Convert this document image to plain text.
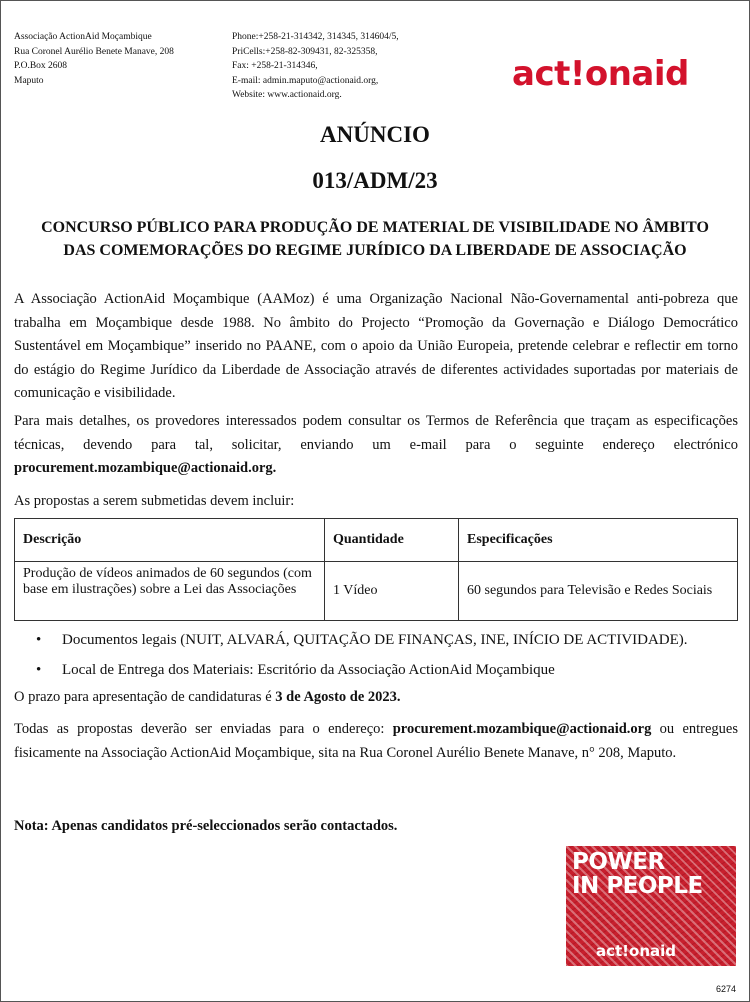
Associação ActionAid Moçambique
Rua Coronel Aurélio Benete Manave, 208
P.O.Box 2608
Maputo
Phone:+258-21-314342, 314345, 314604/5,
PriCells:+258-82-309431, 82-325358,
Fax: +258-21-314346,
E-mail: admin.maputo@actionaid.org,
Website: www.actionaid.org.
act!onaid
ANÚNCIO
013/ADM/23
CONCURSO PÚBLICO PARA PRODUÇÃO DE MATERIAL DE VISIBILIDADE NO ÂMBITO
DAS COMEMORAÇÕES DO REGIME JURÍDICO DA LIBERDADE DE ASSOCIAÇÃO
A Associação ActionAid Moçambique (AAMoz) é uma Organização Nacional Não-Governamental anti-pobreza que trabalha em Moçambique desde 1988. No âmbito do Projecto “Promoção da Governação e Diálogo Democrático Sustentável em Moçambique” inserido no PAANE, com o apoio da União Europeia, pretende celebrar e reflectir em torno do estágio do Regime Jurídico da Liberdade de Associação através de diferentes actividades suportadas por materiais de comunicação e visibilidade.
Para mais detalhes, os provedores interessados podem consultar os Termos de Referência que traçam as especificações técnicas, devendo para tal, solicitar, enviando um e-mail para o seguinte endereço electrónico procurement.mozambique@actionaid.org.
As propostas a serem submetidas devem incluir:
Descrição	Quantidade	Especificações
Produção de vídeos animados de 60 segundos (com base em ilustrações) sobre a Lei das Associações	1 Vídeo	60 segundos para Televisão e Redes Sociais
• Documentos legais (NUIT, ALVARÁ, QUITAÇÃO DE FINANÇAS, INE, INÍCIO DE ACTIVIDADE).
• Local de Entrega dos Materiais: Escritório da Associação ActionAid Moçambique
O prazo para apresentação de candidaturas é 3 de Agosto de 2023.
Todas as propostas deverão ser enviadas para o endereço: procurement.mozambique@actionaid.org ou entregues fisicamente na Associação ActionAid Moçambique, sita na Rua Coronel Aurélio Benete Manave, n° 208, Maputo.
Nota: Apenas candidatos pré-seleccionados serão contactados.
POWER
IN PEOPLE
act!onaid
6274
